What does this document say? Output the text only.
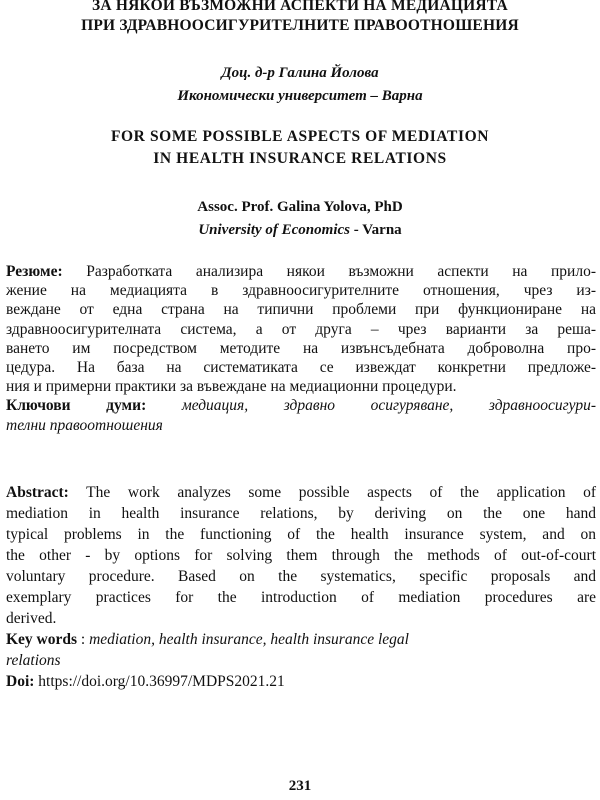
ЗА НЯКОИ ВЪЗМОЖНИ АСПЕКТИ НА МЕДИАЦИЯТА
ПРИ ЗДРАВНООСИГУРИТЕЛНИТЕ ПРАВООТНОШЕНИЯ
Доц. д-р Галина Йолова
Икономически университет – Варна
FOR SOME POSSIBLE ASPECTS OF MEDIATION
IN HEALTH INSURANCE RELATIONS
Assoc. Prof. Galina Yolova, PhD
University of Economics - Varna
Резюме: Разработката анализира някои възможни аспекти на прило-
жение на медиацията в здравноосигурителните отношения, чрез из-
веждане от една страна на типични проблеми при функциониране на
здравноосигурителната система, а от друга – чрез варианти за реша-
ването им посредством методите на извънсъдебната доброволна про-
цедура. На база на систематиката се извеждат конкретни предложе-
ния и примерни практики за въвеждане на медиационни процедури.
Ключови думи: медиация, здравно осигуряване, здравноосигури-
телни правоотношения
Abstract: The work analyzes some possible aspects of the application of
mediation in health insurance relations, by deriving on the one hand
typical problems in the functioning of the health insurance system, and on
the other - by options for solving them through the methods of out-of-court
voluntary procedure. Based on the systematics, specific proposals and
exemplary practices for the introduction of mediation procedures are
derived.
Key words : mediation, health insurance, health insurance legal
relations
Doi: https://doi.org/10.36997/MDPS2021.21
231
